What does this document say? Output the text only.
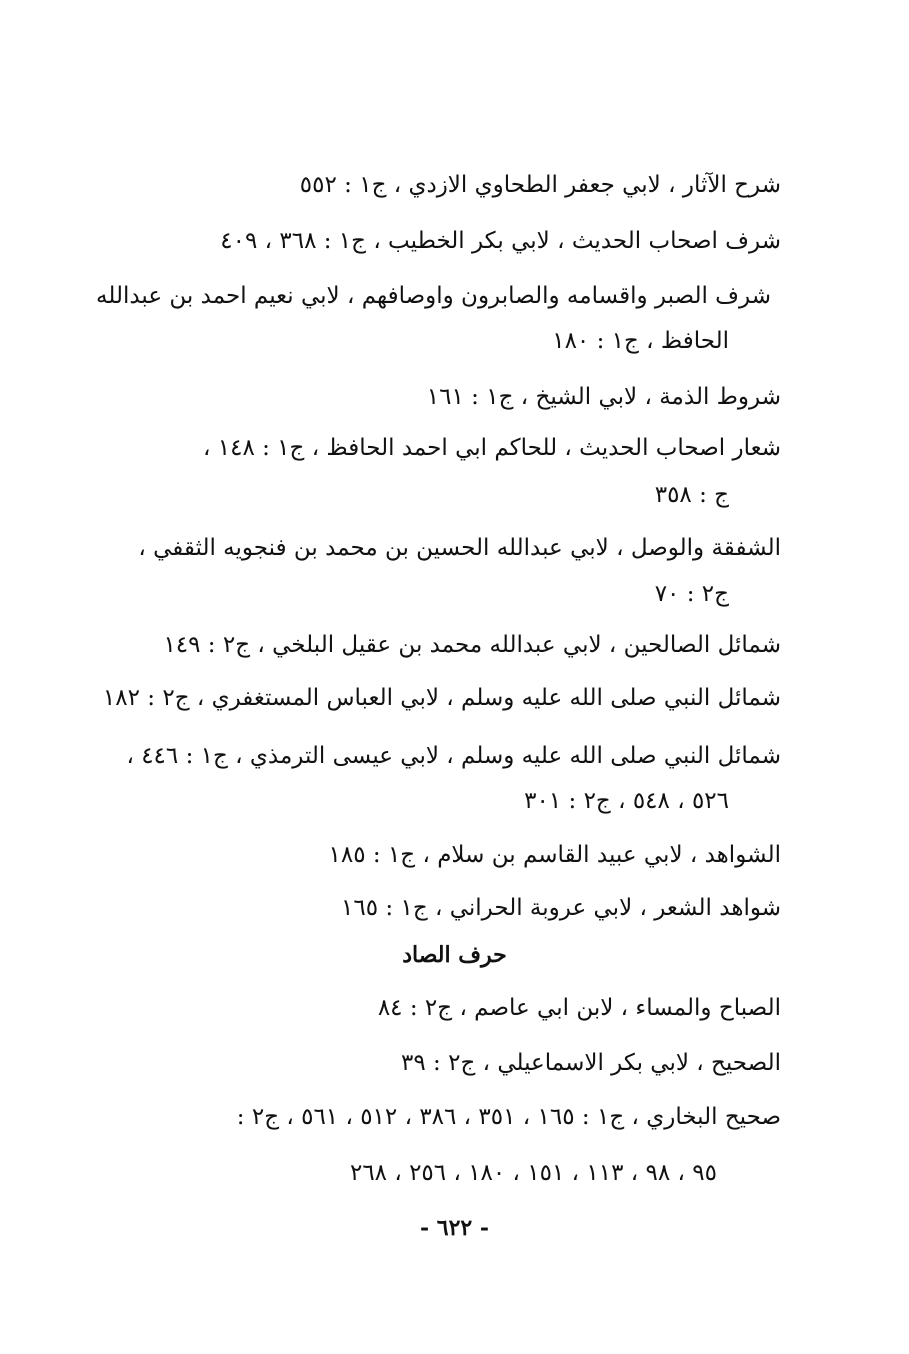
شرح الآثار ، لابي جعفر الطحاوي الازدي ، ج١ : ٥٥٢
شرف اصحاب الحديث ، لابي بكر الخطيب ، ج١ : ٣٦٨ ، ٤٠٩
شرف الصبر واقسامه والصابرون واوصافهم ، لابي نعيم احمد بن عبدالله
الحافظ ، ج١ : ١٨٠
شروط الذمة ، لابي الشيخ ، ج١ : ١٦١
شعار اصحاب الحديث ، للحاكم ابي احمد الحافظ ، ج١ : ١٤٨ ،
ج : ٣٥٨
الشفقة والوصل ، لابي عبدالله الحسين بن محمد بن فنجويه الثقفي ،
ج٢ : ٧٠
شمائل الصالحين ، لابي عبدالله محمد بن عقيل البلخي ، ج٢ : ١٤٩
شمائل النبي صلى الله عليه وسلم ، لابي العباس المستغفري ، ج٢ : ١٨٢
شمائل النبي صلى الله عليه وسلم ، لابي عيسى الترمذي ، ج١ : ٤٤٦ ،
٥٢٦ ، ٥٤٨ ، ج٢ : ٣٠١
الشواهد ، لابي عبيد القاسم بن سلام ، ج١ : ١٨٥
شواهد الشعر ، لابي عروبة الحراني ، ج١ : ١٦٥
حرف الصاد
الصباح والمساء ، لابن ابي عاصم ، ج٢ : ٨٤
الصحيح ، لابي بكر الاسماعيلي ، ج٢ : ٣٩
صحيح البخاري ، ج١ : ١٦٥ ، ٣٥١ ، ٣٨٦ ، ٥١٢ ، ٥٦١ ، ج٢ :
٩٥ ، ٩٨ ، ١١٣ ، ١٥١ ، ١٨٠ ، ٢٥٦ ، ٢٦٨
- ٦٢٢ -
